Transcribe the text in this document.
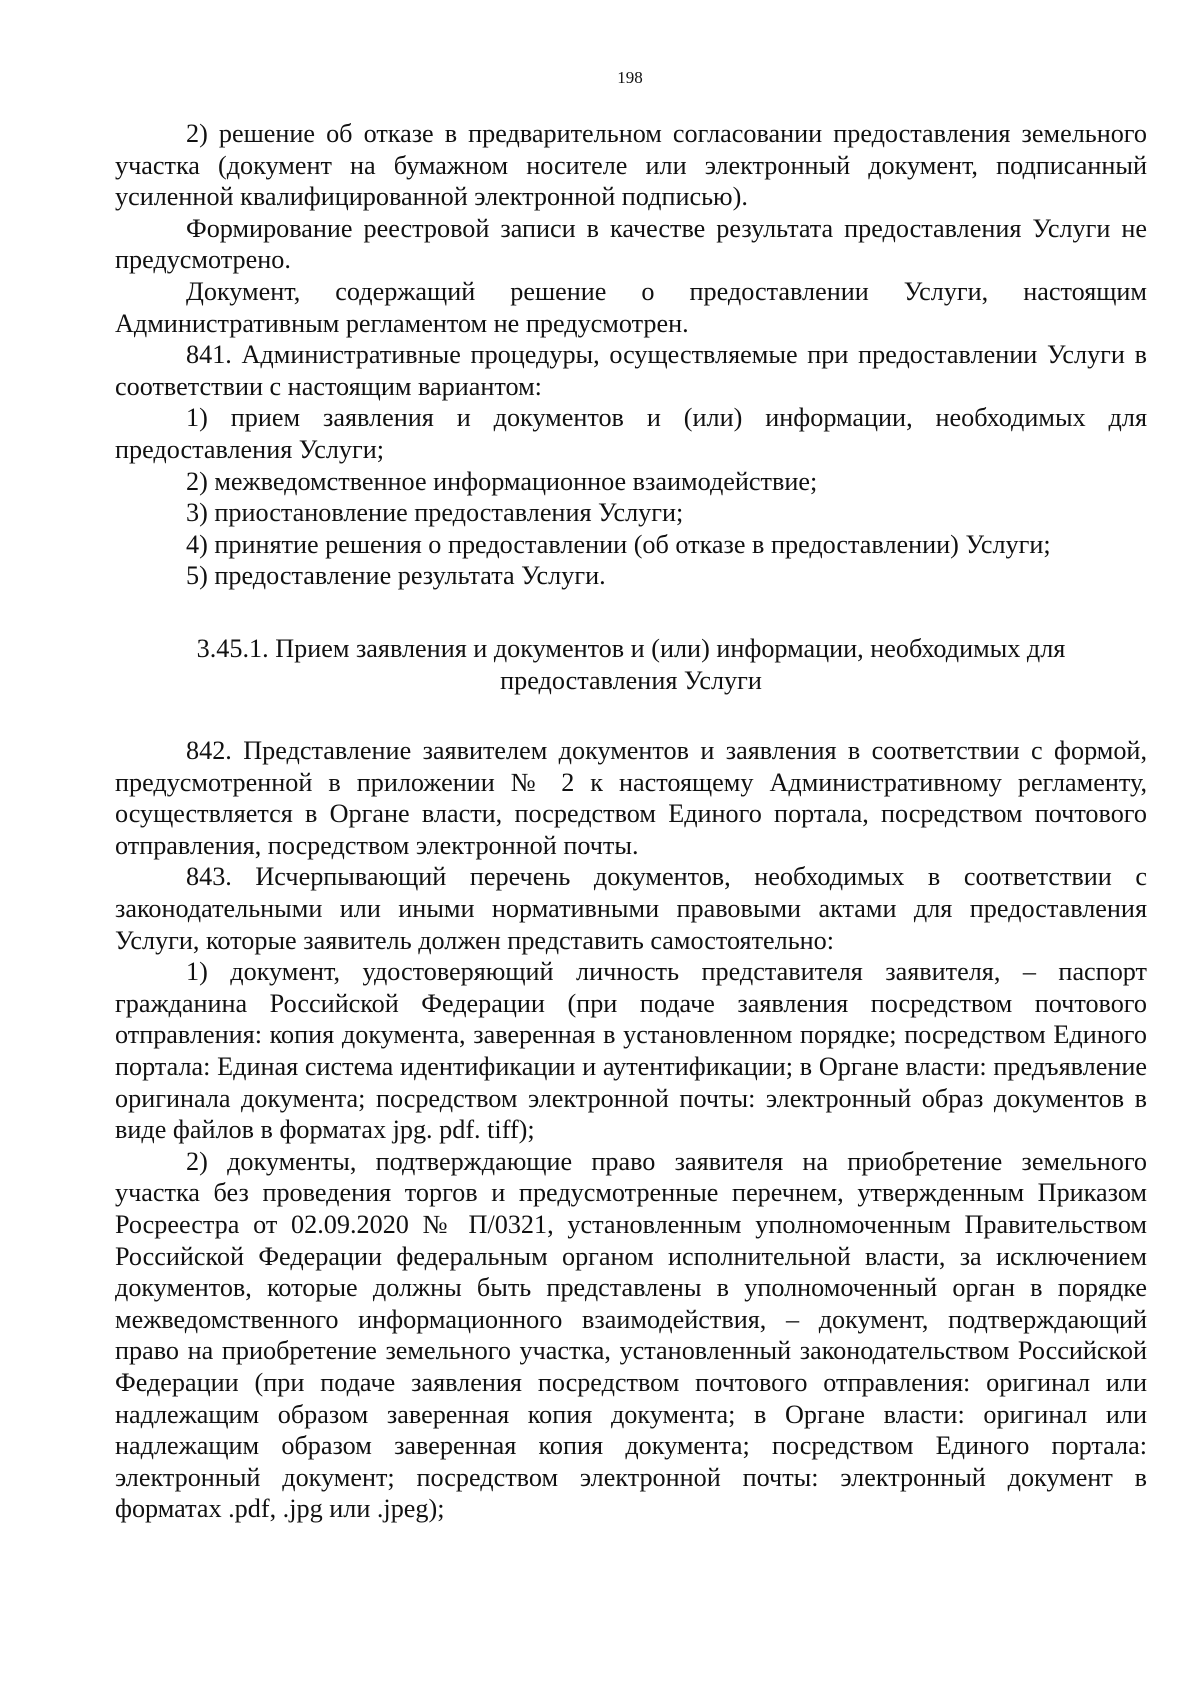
198

2) решение об отказе в предварительном согласовании предоставления земельного участка (документ на бумажном носителе или электронный документ, подписанный усиленной квалифицированной электронной подписью).

Формирование реестровой записи в качестве результата предоставления Услуги не предусмотрено.

Документ, содержащий решение о предоставлении Услуги, настоящим Административным регламентом не предусмотрен.

841. Административные процедуры, осуществляемые при предоставлении Услуги в соответствии с настоящим вариантом:

1) прием заявления и документов и (или) информации, необходимых для предоставления Услуги;

2) межведомственное информационное взаимодействие;

3) приостановление предоставления Услуги;

4) принятие решения о предоставлении (об отказе в предоставлении) Услуги;

5) предоставление результата Услуги.

3.45.1. Прием заявления и документов и (или) информации, необходимых для предоставления Услуги

842. Представление заявителем документов и заявления в соответствии с формой, предусмотренной в приложении № 2 к настоящему Административному регламенту, осуществляется в Органе власти, посредством Единого портала, посредством почтового отправления, посредством электронной почты.

843. Исчерпывающий перечень документов, необходимых в соответствии с законодательными или иными нормативными правовыми актами для предоставления Услуги, которые заявитель должен представить самостоятельно:

1) документ, удостоверяющий личность представителя заявителя, – паспорт гражданина Российской Федерации (при подаче заявления посредством почтового отправления: копия документа, заверенная в установленном порядке; посредством Единого портала: Единая система идентификации и аутентификации; в Органе власти: предъявление оригинала документа; посредством электронной почты: электронный образ документов в виде файлов в форматах jpg. pdf. tiff);

2) документы, подтверждающие право заявителя на приобретение земельного участка без проведения торгов и предусмотренные перечнем, утвержденным Приказом Росреестра от 02.09.2020 № П/0321, установленным уполномоченным Правительством Российской Федерации федеральным органом исполнительной власти, за исключением документов, которые должны быть представлены в уполномоченный орган в порядке межведомственного информационного взаимодействия, – документ, подтверждающий право на приобретение земельного участка, установленный законодательством Российской Федерации (при подаче заявления посредством почтового отправления: оригинал или надлежащим образом заверенная копия документа; в Органе власти: оригинал или надлежащим образом заверенная копия документа; посредством Единого портала: электронный документ; посредством электронной почты: электронный документ в форматах .pdf, .jpg или .jpeg);
